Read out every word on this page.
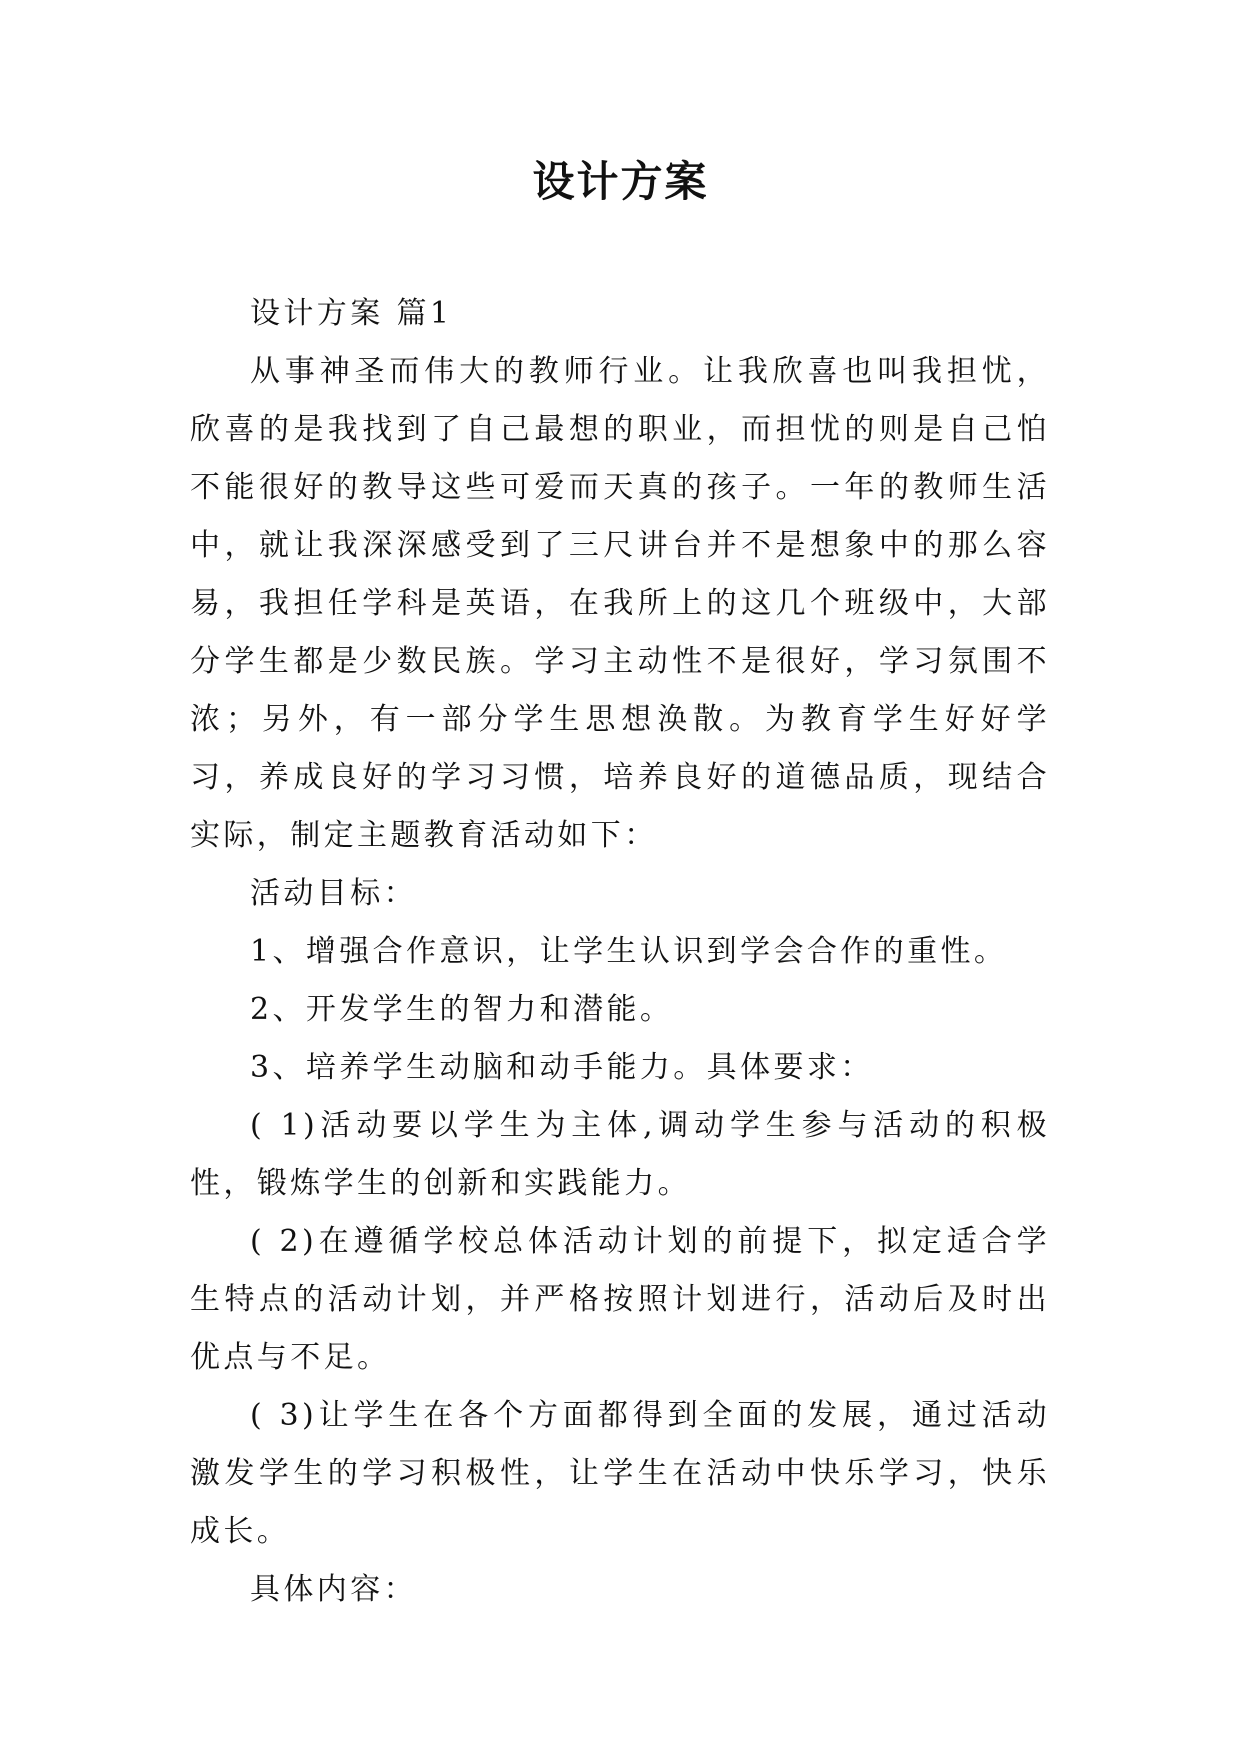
设计方案

设计方案 篇1

从事神圣而伟大的教师行业。让我欣喜也叫我担忧，欣喜的是我找到了自己最想的职业，而担忧的则是自己怕不能很好的教导这些可爱而天真的孩子。一年的教师生活中，就让我深深感受到了三尺讲台并不是想象中的那么容易，我担任学科是英语，在我所上的这几个班级中，大部分学生都是少数民族。学习主动性不是很好，学习氛围不浓；另外，有一部分学生思想涣散。为教育学生好好学习，养成良好的学习习惯，培养良好的道德品质，现结合实际，制定主题教育活动如下：

活动目标：

1、增强合作意识，让学生认识到学会合作的重性。

2、开发学生的智力和潜能。

3、培养学生动脑和动手能力。具体要求：

( 1)活动要以学生为主体,调动学生参与活动的积极性，锻炼学生的创新和实践能力。

( 2)在遵循学校总体活动计划的前提下，拟定适合学生特点的活动计划，并严格按照计划进行，活动后及时出优点与不足。

( 3)让学生在各个方面都得到全面的发展，通过活动激发学生的学习积极性，让学生在活动中快乐学习，快乐成长。

具体内容：
